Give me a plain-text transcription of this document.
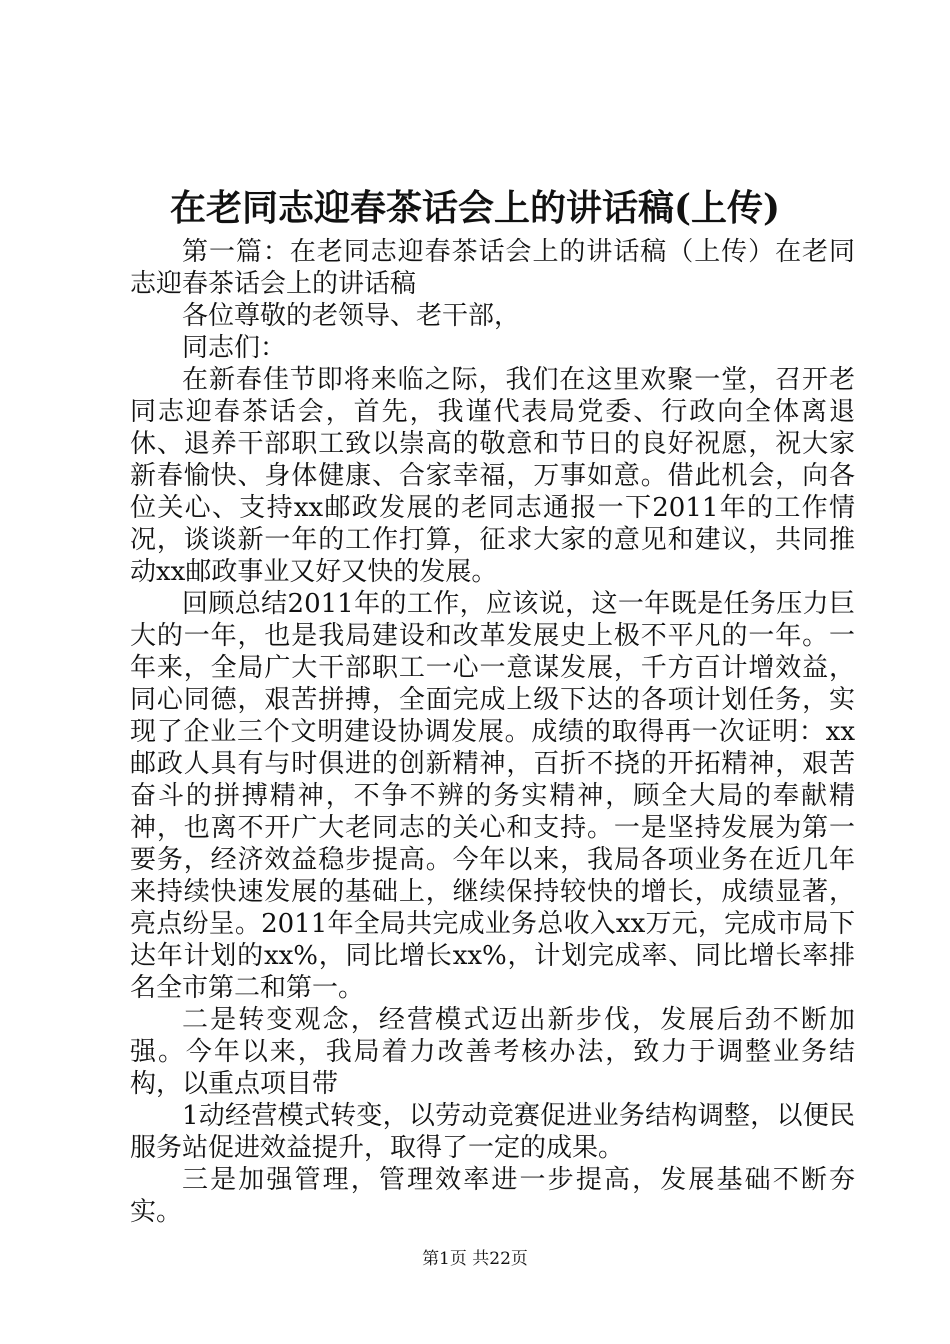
在老同志迎春茶话会上的讲话稿(上传)

第一篇：在老同志迎春茶话会上的讲话稿（上传）在老同志迎春茶话会上的讲话稿

各位尊敬的老领导、老干部，

同志们：

在新春佳节即将来临之际，我们在这里欢聚一堂，召开老同志迎春茶话会，首先，我谨代表局党委、行政向全体离退休、退养干部职工致以崇高的敬意和节日的良好祝愿，祝大家新春愉快、身体健康、合家幸福，万事如意。借此机会，向各位关心、支持xx邮政发展的老同志通报一下2011年的工作情况，谈谈新一年的工作打算，征求大家的意见和建议，共同推动xx邮政事业又好又快的发展。

回顾总结2011年的工作，应该说，这一年既是任务压力巨大的一年，也是我局建设和改革发展史上极不平凡的一年。一年来，全局广大干部职工一心一意谋发展，千方百计增效益，同心同德，艰苦拼搏，全面完成上级下达的各项计划任务，实现了企业三个文明建设协调发展。成绩的取得再一次证明：xx邮政人具有与时俱进的创新精神，百折不挠的开拓精神，艰苦奋斗的拼搏精神，不争不辨的务实精神，顾全大局的奉献精神，也离不开广大老同志的关心和支持。一是坚持发展为第一要务，经济效益稳步提高。今年以来，我局各项业务在近几年来持续快速发展的基础上，继续保持较快的增长，成绩显著，亮点纷呈。2011年全局共完成业务总收入xx万元，完成市局下达年计划的xx%，同比增长xx%，计划完成率、同比增长率排名全市第二和第一。

二是转变观念，经营模式迈出新步伐，发展后劲不断加强。今年以来，我局着力改善考核办法，致力于调整业务结构，以重点项目带

1动经营模式转变，以劳动竞赛促进业务结构调整，以便民服务站促进效益提升，取得了一定的成果。

三是加强管理，管理效率进一步提高，发展基础不断夯实。

第1页 共22页
